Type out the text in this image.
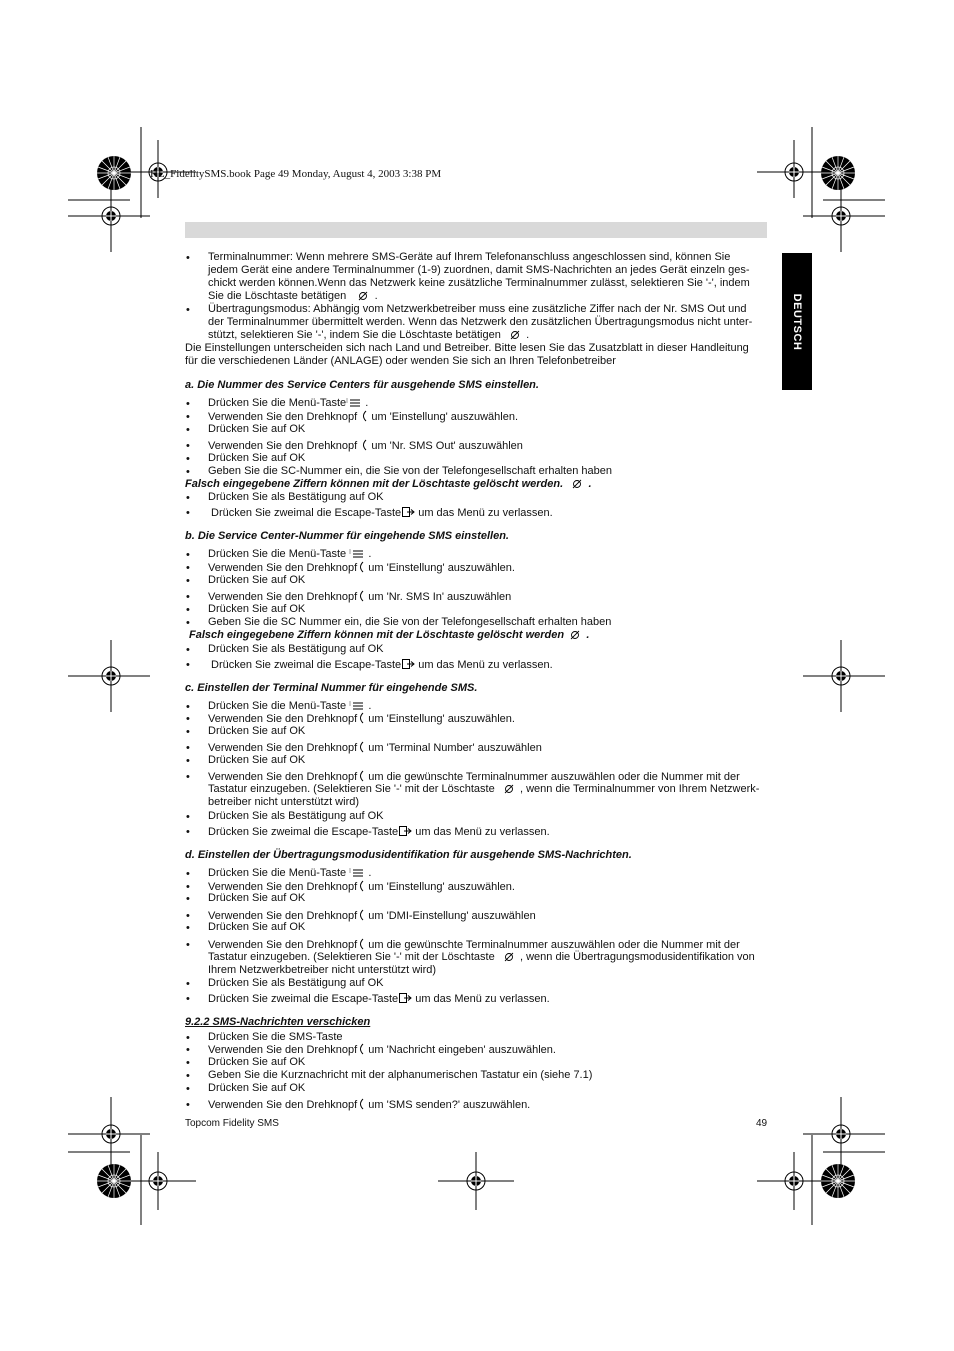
HL_FidelitySMS.book Page 49 Monday, August 4, 2003 3:38 PM
DEUTSCH
• Terminalnummer: Wenn mehrere SMS-Geräte auf Ihrem Telefonanschluss angeschlossen sind, können Sie
jedem Gerät eine andere Terminalnummer (1-9) zuordnen, damit SMS-Nachrichten an jedes Gerät einzeln ges-
chickt werden können.Wenn das Netzwerk keine zusätzliche Terminalnummer zulässt, selektieren Sie '-', indem
Sie die Löschtaste betätigen	.
• Übertragungsmodus: Abhängig vom Netzwerkbetreiber muss eine zusätzliche Ziffer nach der Nr. SMS Out und
der Terminalnummer übermittelt werden. Wenn das Netzwerk den zusätzlichen Übertragungsmodus nicht unter-
stützt, selektieren Sie '-', indem Sie die Löschtaste betätigen .
Die Einstellungen unterscheiden sich nach Land und Betreiber. Bitte lesen Sie das Zusatzblatt in dieser Handleitung
für die verschiedenen Länder (ANLAGE) oder wenden Sie sich an Ihren Telefonbetreiber
a. Die Nummer des Service Centers für ausgehende SMS einstellen.
• Drücken Sie die Menü-Taste .
• Verwenden Sie den Drehknopf um 'Einstellung' auszuwählen.
• Drücken Sie auf OK
• Verwenden Sie den Drehknopf um 'Nr. SMS Out' auszuwählen
• Drücken Sie auf OK
• Geben Sie die SC-Nummer ein, die Sie von der Telefongesellschaft erhalten haben
Falsch eingegebene Ziffern können mit der Löschtaste gelöscht werden. .
• Drücken Sie als Bestätigung auf OK
• Drücken Sie zweimal die Escape-Taste um das Menü zu verlassen.
b. Die Service Center-Nummer für eingehende SMS einstellen.
• Drücken Sie die Menü-Taste .
• Verwenden Sie den Drehknopf um 'Einstellung' auszuwählen.
• Drücken Sie auf OK
• Verwenden Sie den Drehknopf um 'Nr. SMS In' auszuwählen
• Drücken Sie auf OK
• Geben Sie die SC Nummer ein, die Sie von der Telefongesellschaft erhalten haben
Falsch eingegebene Ziffern können mit der Löschtaste gelöscht werden .
• Drücken Sie als Bestätigung auf OK
• Drücken Sie zweimal die Escape-Taste um das Menü zu verlassen.
c. Einstellen der Terminal Nummer für eingehende SMS.
• Drücken Sie die Menü-Taste .
• Verwenden Sie den Drehknopf um 'Einstellung' auszuwählen.
• Drücken Sie auf OK
• Verwenden Sie den Drehknopf um 'Terminal Number' auszuwählen
• Drücken Sie auf OK
• Verwenden Sie den Drehknopf um die gewünschte Terminalnummer auszuwählen oder die Nummer mit der
Tastatur einzugeben. (Selektieren Sie '-' mit der Löschtaste , wenn die Terminalnummer von Ihrem Netzwerk-
betreiber nicht unterstützt wird)
• Drücken Sie als Bestätigung auf OK
• Drücken Sie zweimal die Escape-Taste um das Menü zu verlassen.
d. Einstellen der Übertragungsmodusidentifikation für ausgehende SMS-Nachrichten.
• Drücken Sie die Menü-Taste .
• Verwenden Sie den Drehknopf um 'Einstellung' auszuwählen.
• Drücken Sie auf OK
• Verwenden Sie den Drehknopf um 'DMI-Einstellung' auszuwählen
• Drücken Sie auf OK
• Verwenden Sie den Drehknopf um die gewünschte Terminalnummer auszuwählen oder die Nummer mit der
Tastatur einzugeben. (Selektieren Sie '-' mit der Löschtaste , wenn die Übertragungsmodusidentifikation von
Ihrem Netzwerkbetreiber nicht unterstützt wird)
• Drücken Sie als Bestätigung auf OK
• Drücken Sie zweimal die Escape-Taste um das Menü zu verlassen.
9.2.2 SMS-Nachrichten verschicken
• Drücken Sie die SMS-Taste
• Verwenden Sie den Drehknopf um 'Nachricht eingeben' auszuwählen.
• Drücken Sie auf OK
• Geben Sie die Kurznachricht mit der alphanumerischen Tastatur ein (siehe 7.1)
• Drücken Sie auf OK
• Verwenden Sie den Drehknopf um 'SMS senden?' auszuwählen.
Topcom Fidelity SMS	49
